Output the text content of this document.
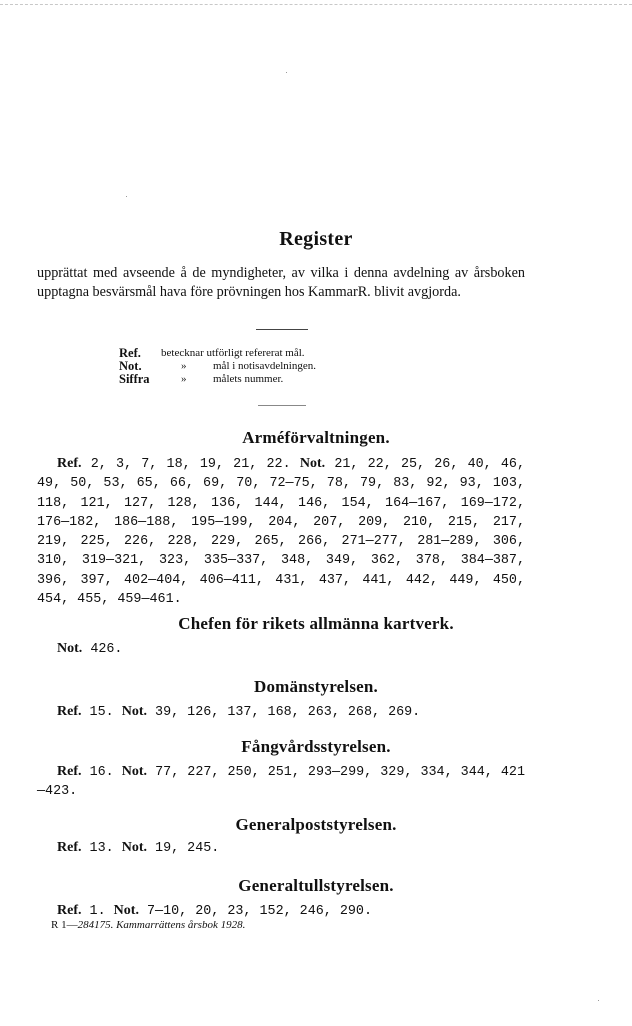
Register
upprättat med avseende å de myndigheter, av vilka i denna avdelning av årsboken upptagna besvärsmål hava före prövningen hos KammarR. blivit avgjorda.
Ref.	betecknar utförligt refererat mål.
Not.	»	mål i notisavdelningen.
Siffra	»	målets nummer.
Arméförvaltningen.
Ref. 2, 3, 7, 18, 19, 21, 22. Not. 21, 22, 25, 26, 40, 46, 49, 50, 53, 65, 66, 69, 70, 72—75, 78, 79, 83, 92, 93, 103, 118, 121, 127, 128, 136, 144, 146, 154, 164—167, 169—172, 176—182, 186—188, 195—199, 204, 207, 209, 210, 215, 217, 219, 225, 226, 228, 229, 265, 266, 271—277, 281—289, 306, 310, 319—321, 323, 335—337, 348, 349, 362, 378, 384—387, 396, 397, 402—404, 406—411, 431, 437, 441, 442, 449, 450, 454, 455, 459—461.
Chefen för rikets allmänna kartverk.
Not. 426.
Domänstyrelsen.
Ref. 15. Not. 39, 126, 137, 168, 263, 268, 269.
Fångvårdsstyrelsen.
Ref. 16. Not. 77, 227, 250, 251, 293—299, 329, 334, 344, 421—423.
Generalpoststyrelsen.
Ref. 13. Not. 19, 245.
Generaltullstyrelsen.
Ref. 1. Not. 7—10, 20, 23, 152, 246, 290.
R 1—284175. Kammarrättens årsbok 1928.
